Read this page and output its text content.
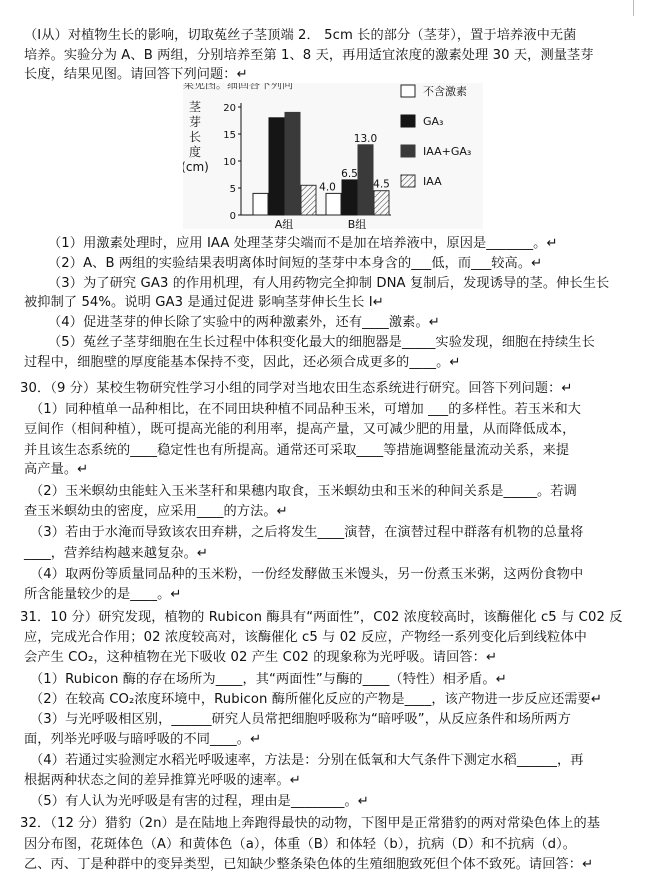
（Ⅰ从）对植物生长的影响，切取菟丝子茎顶端 2． 5cm 长的部分（茎芽），置于培养液中无菌
培养。实验分为 A、B 两组，分别培养至第 1、8 天，再用适宜浓度的激素处理 30 天，测量茎芽
长度，结果见图。请回答下列问题：↵
（1）用激素处理时，应用 IAA 处理茎芽尖端而不是加在培养液中，原因是_______。↵
（2）A、B 两组的实验结果表明离体时间短的茎芽中本身含的___低，而___较高。↵
（3）为了研究 GA3 的作用机理，有人用药物完全抑制 DNA 复制后，发现诱导的茎。伸长生长
被抑制了 54%。说明 GA3 是通过促进 影响茎芽伸长生长 I↵
（4）促进茎芽的伸长除了实验中的两种激素外，还有____激素。↵
（5）菟丝子茎芽细胞在生长过程中体积变化最大的细胞器是_____实验发现，细胞在持续生长
过程中，细胞壁的厚度能基本保持不变，因此，还必须合成更多的____。↵
30．（9 分）某校生物研究性学习小组的同学对当地农田生态系统进行研究。回答下列问题：↵
（1）同种植单一品种相比，在不同田块种植不同品种玉米，可增加 ___的多样性。若玉米和大
豆间作（相间种植），既可提高光能的利用率，提高产量，又可减少肥的用量，从而降低成本，
并且该生态系统的____稳定性也有所提高。通常还可采取____等措施调整能量流动关系，来提
高产量。↵
（2）玉米螟幼虫能蛀入玉米茎秆和果穗内取食，玉米螟幼虫和玉米的种间关系是_____。若调
查玉米螟幼虫的密度，应采用____的方法。↵
（3）若由于水淹而导致该农田弃耕，之后将发生____演替，在演替过程中群落有机物的总量将
____，营养结构越来越复杂。↵
（4）取两份等质量同品种的玉米粉，一份经发酵做玉米馒头，另一份煮玉米粥，这两份食物中
所含能量较少的是____。↵
31．10 分）研究发现，植物的 Rubicon 酶具有“两面性”，C02 浓度较高时，该酶催化 c5 与 C02 反
应，完成光合作用；02 浓度较高对，该酶催化 c5 与 02 反应，产物经一系列变化后到线粒体中
会产生 CO₂，这种植物在光下吸收 02 产生 C02 的现象称为光呼吸。请回答：↵
（1）Rubicon 酶的存在场所为____，其“两面性”与酶的____（特性）相矛盾。↵
（2）在较高 CO₂浓度环境中，Rubicon 酶所催化反应的产物是____，该产物进一步反应还需要↵
（3）与光呼吸相区别，______研究人员常把细胞呼吸称为“暗呼吸”，从反应条件和场所两方
面，列举光呼吸与暗呼吸的不同____。↵
（4）若通过实验测定水稻光呼吸速率，方法是：分别在低氧和大气条件下测定水稻______，再
根据两种状态之间的差异推算光呼吸的速率。↵
（5）有人认为光呼吸是有害的过程，理由是________。↵
32．（12 分）猎豹（2n）是在陆地上奔跑得最快的动物，下图甲是正常猎豹的两对常染色体上的基
因分布图，花斑体色（A）和黄体色（a），体重（B）和体轻（b），抗病（D）和不抗病（d）。
乙、丙、丁是种群中的变异类型，已知缺少整条染色体的生殖细胞致死但个体不致死。请回答：↵
果见图。细回答下列问
茎
芽
长
度
(cm)
0
5
10
15
20
A组	B组
4.0
6.5
13.0
4.5
不含激素
GA₃
IAA+GA₃
IAA
